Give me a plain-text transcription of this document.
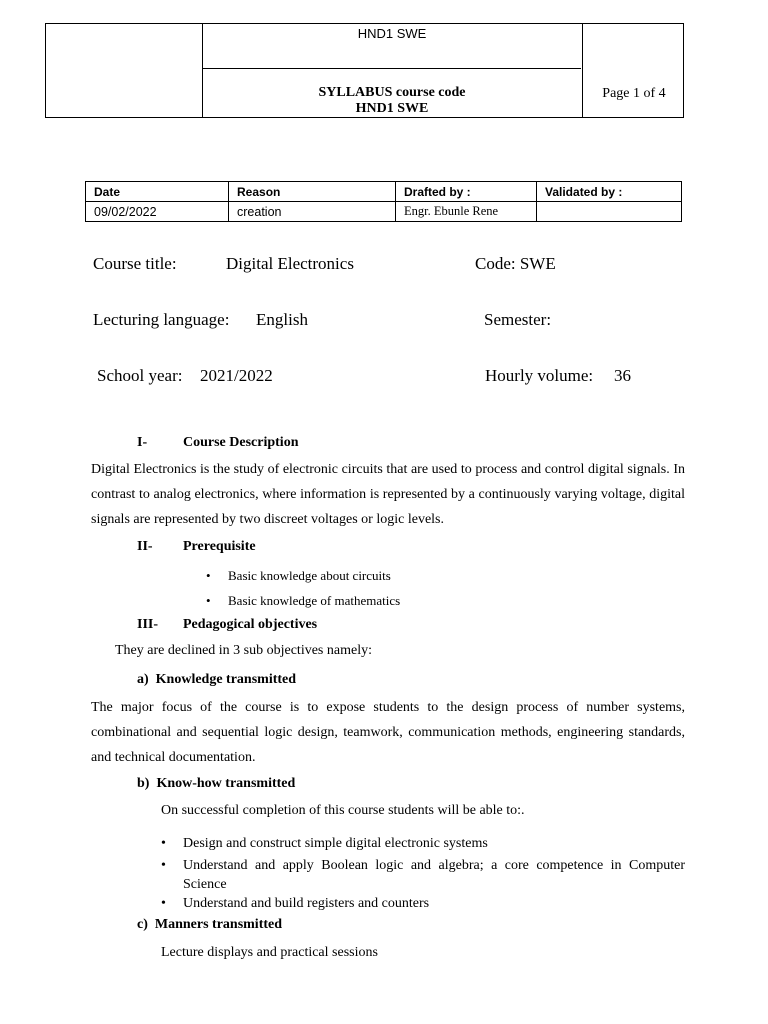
HND1 SWE
SYLLABUS course code
HND1 SWE
Page 1 of 4
Date	Reason	Drafted by :	Validated by :
09/02/2022	creation	Engr. Ebunle Rene	
Course title:	Digital Electronics	Code: SWE
Lecturing language: English	Semester:
School year: 2021/2022	Hourly volume: 36
I-	Course Description
Digital Electronics is the study of electronic circuits that are used to process and control digital signals. In contrast to analog electronics, where information is represented by a continuously varying voltage, digital signals are represented by two discreet voltages or logic levels.
II- Prerequisite
• Basic knowledge about circuits
• Basic knowledge of mathematics
III- Pedagogical objectives
They are declined in 3 sub objectives namely:
a)  Knowledge transmitted
The major focus of the course is to expose students to the design process of number systems, combinational and sequential logic design, teamwork, communication methods, engineering standards, and technical documentation.
b)  Know-how transmitted
On successful completion of this course students will be able to:.
• Design and construct simple digital electronic systems
• Understand and apply Boolean logic and algebra; a core competence in Computer Science
• Understand and build registers and counters
c)  Manners transmitted
Lecture displays and practical sessions
